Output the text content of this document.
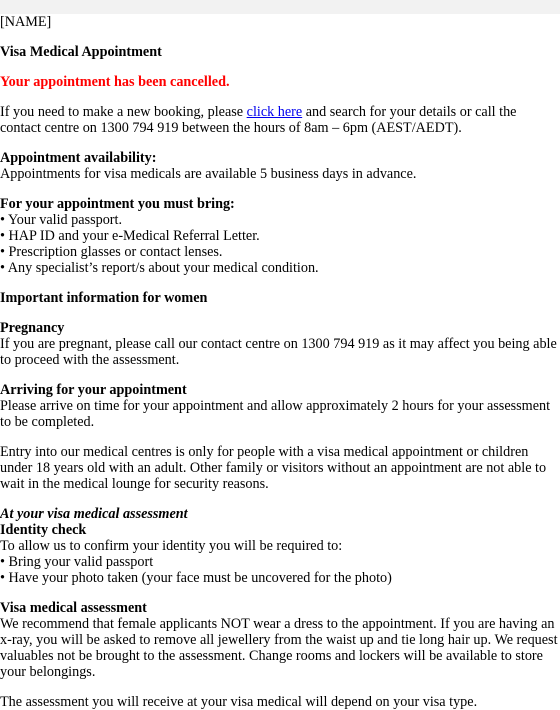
[NAME]

Visa Medical Appointment

Your appointment has been cancelled.

If you need to make a new booking, please click here and search for your details or call the contact centre on 1300 794 919 between the hours of 8am – 6pm (AEST/AEDT).

Appointment availability:

Appointments for visa medicals are available 5 business days in advance.

For your appointment you must bring:

• Your valid passport.

• HAP ID and your e-Medical Referral Letter.

• Prescription glasses or contact lenses.

• Any specialist’s report/s about your medical condition.

Important information for women

Pregnancy

If you are pregnant, please call our contact centre on 1300 794 919 as it may affect you being able to proceed with the assessment.

Arriving for your appointment

Please arrive on time for your appointment and allow approximately 2 hours for your assessment to be completed.

Entry into our medical centres is only for people with a visa medical appointment or children under 18 years old with an adult. Other family or visitors without an appointment are not able to wait in the medical lounge for security reasons.

At your visa medical assessment

Identity check

To allow us to confirm your identity you will be required to:

• Bring your valid passport

• Have your photo taken (your face must be uncovered for the photo)

Visa medical assessment

We recommend that female applicants NOT wear a dress to the appointment. If you are having an x-ray, you will be asked to remove all jewellery from the waist up and tie long hair up. We request valuables not be brought to the assessment. Change rooms and lockers will be available to store your belongings.

The assessment you will receive at your visa medical will depend on your visa type.
